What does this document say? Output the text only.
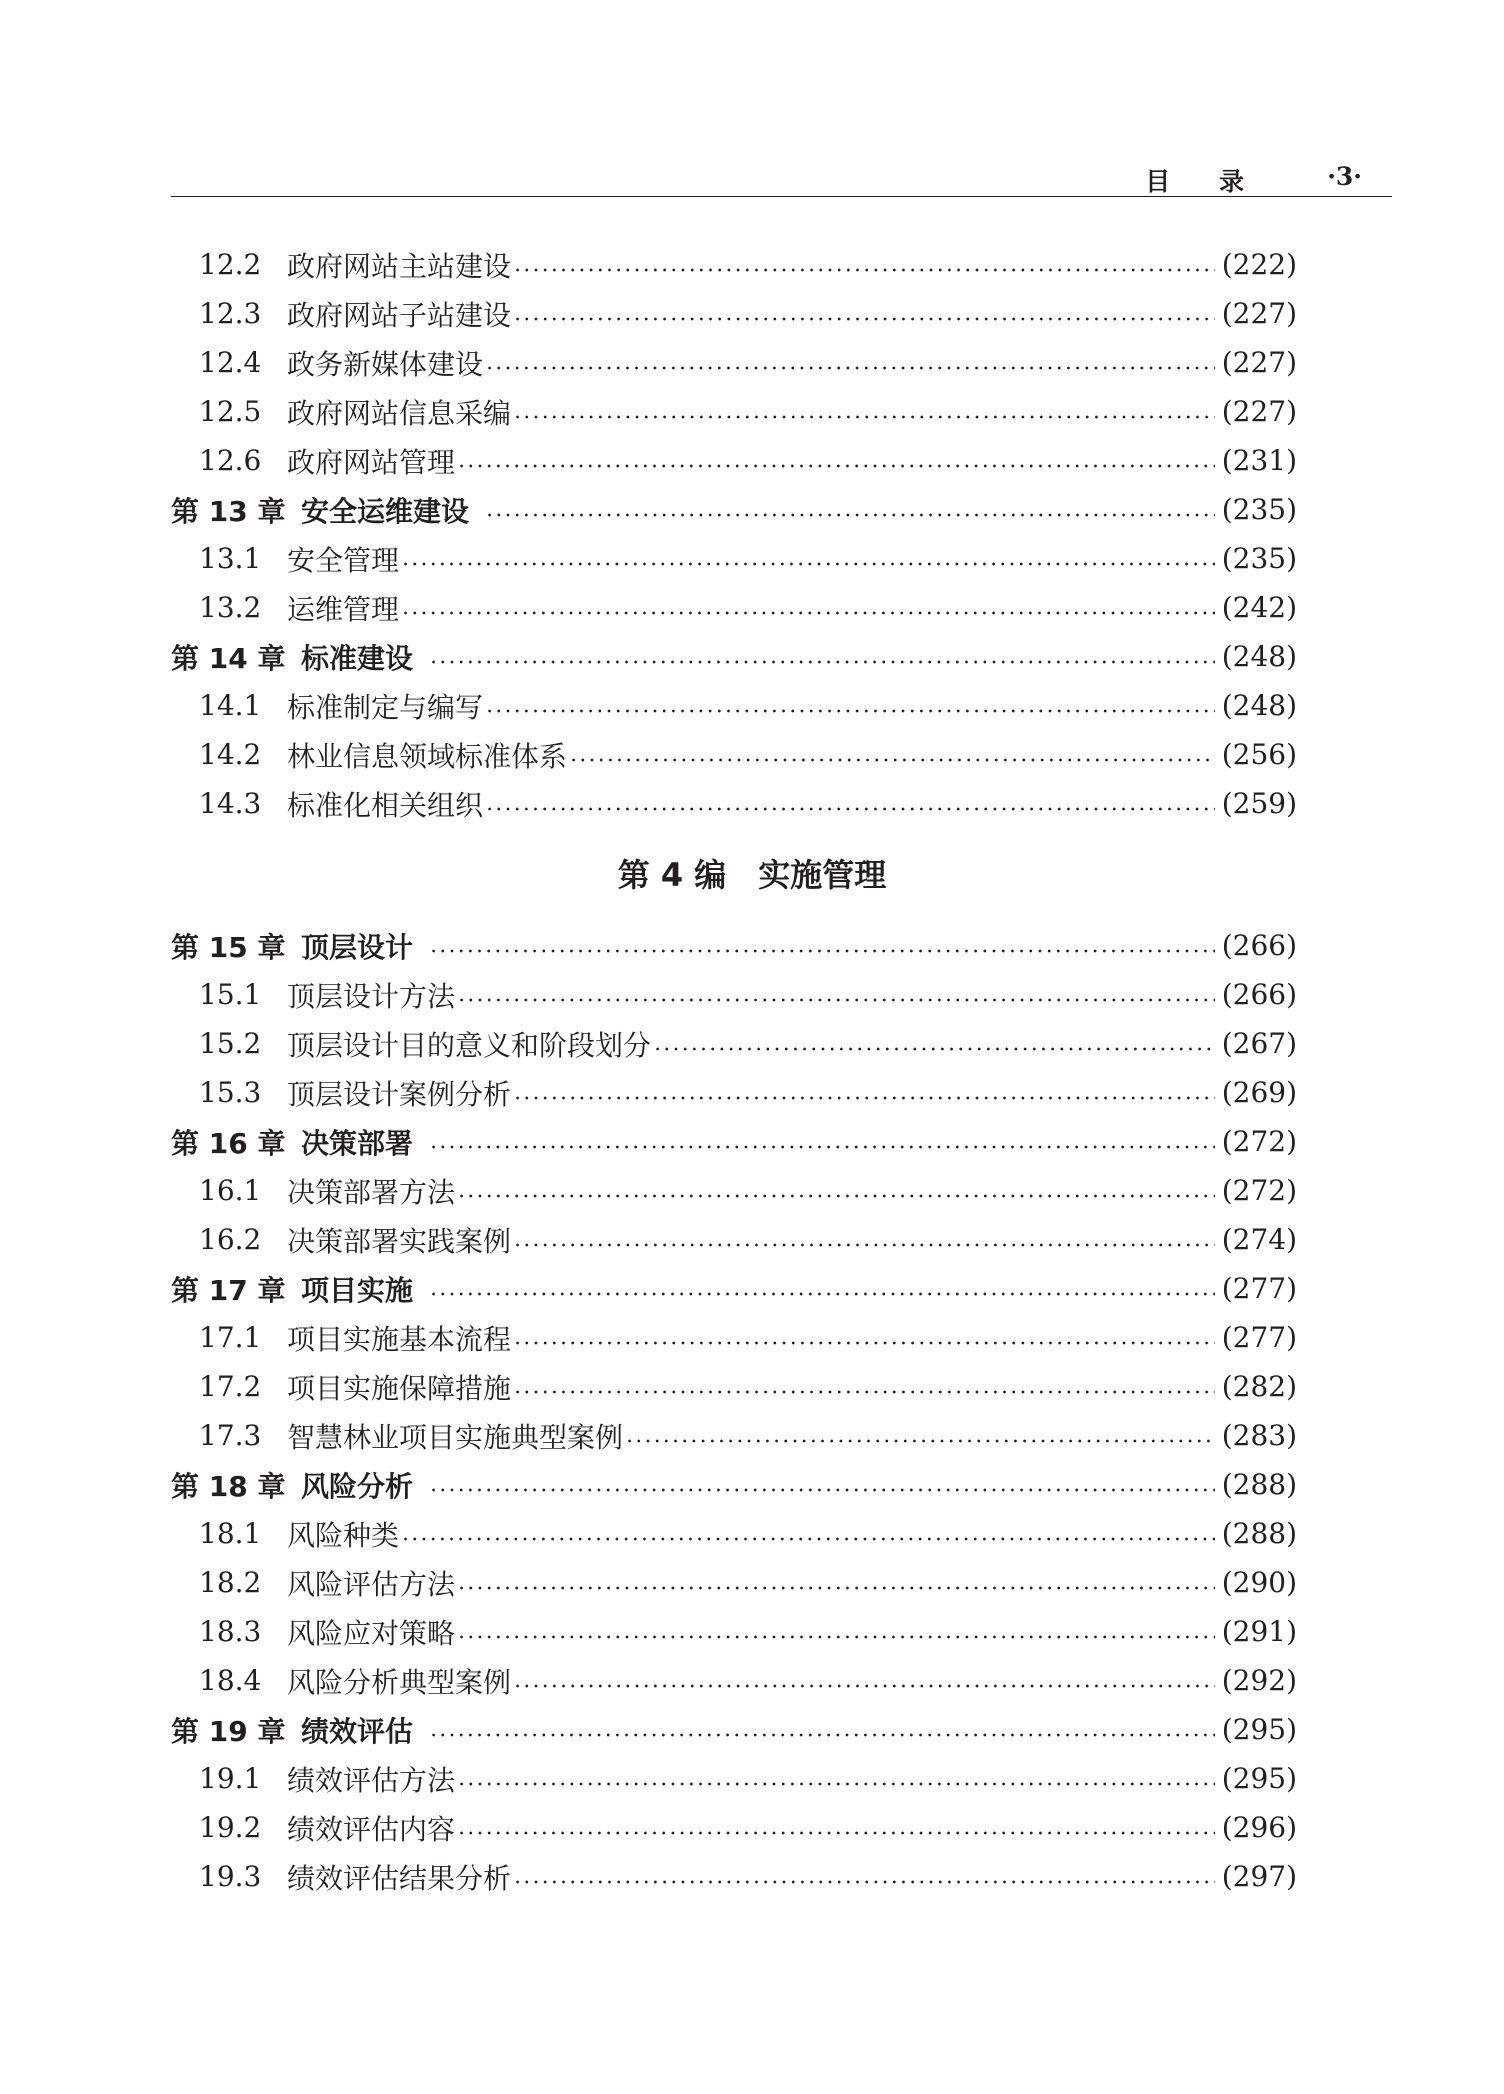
目 录	·3·
12.2 政府网站主站建设	(222)
12.3 政府网站子站建设	(227)
12.4 政务新媒体建设	(227)
12.5 政府网站信息采编	(227)
12.6 政府网站管理	(231)
第 13 章 安全运维建设	(235)
13.1 安全管理	(235)
13.2 运维管理	(242)
第 14 章 标准建设	(248)
14.1 标准制定与编写	(248)
14.2 林业信息领域标准体系	(256)
14.3 标准化相关组织	(259)
第 4 编 实施管理
第 15 章 顶层设计	(266)
15.1 顶层设计方法	(266)
15.2 顶层设计目的意义和阶段划分	(267)
15.3 顶层设计案例分析	(269)
第 16 章 决策部署	(272)
16.1 决策部署方法	(272)
16.2 决策部署实践案例	(274)
第 17 章 项目实施	(277)
17.1 项目实施基本流程	(277)
17.2 项目实施保障措施	(282)
17.3 智慧林业项目实施典型案例	(283)
第 18 章 风险分析	(288)
18.1 风险种类	(288)
18.2 风险评估方法	(290)
18.3 风险应对策略	(291)
18.4 风险分析典型案例	(292)
第 19 章 绩效评估	(295)
19.1 绩效评估方法	(295)
19.2 绩效评估内容	(296)
19.3 绩效评估结果分析	(297)
